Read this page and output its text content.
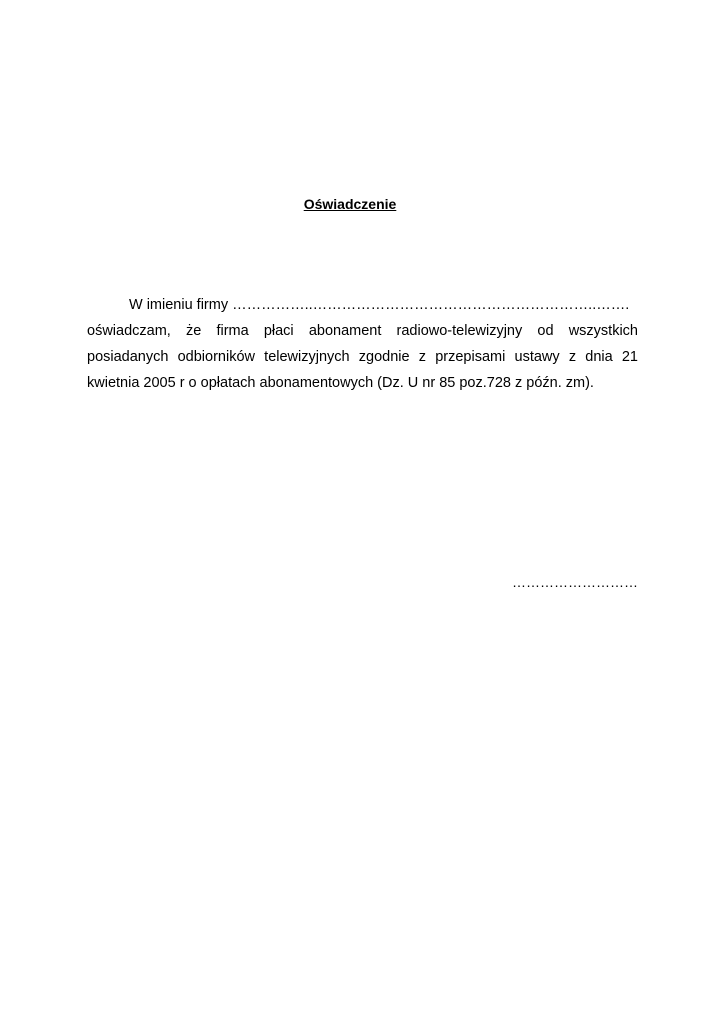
Oświadczenie

W imieniu firmy ……………..…………………………………………………..…….
oświadczam, że firma płaci abonament radiowo-telewizyjny od wszystkich
posiadanych odbiorników telewizyjnych zgodnie z przepisami ustawy z dnia 21
kwietnia 2005 r o opłatach abonamentowych (Dz. U nr 85 poz.728 z późn. zm).

………………………
